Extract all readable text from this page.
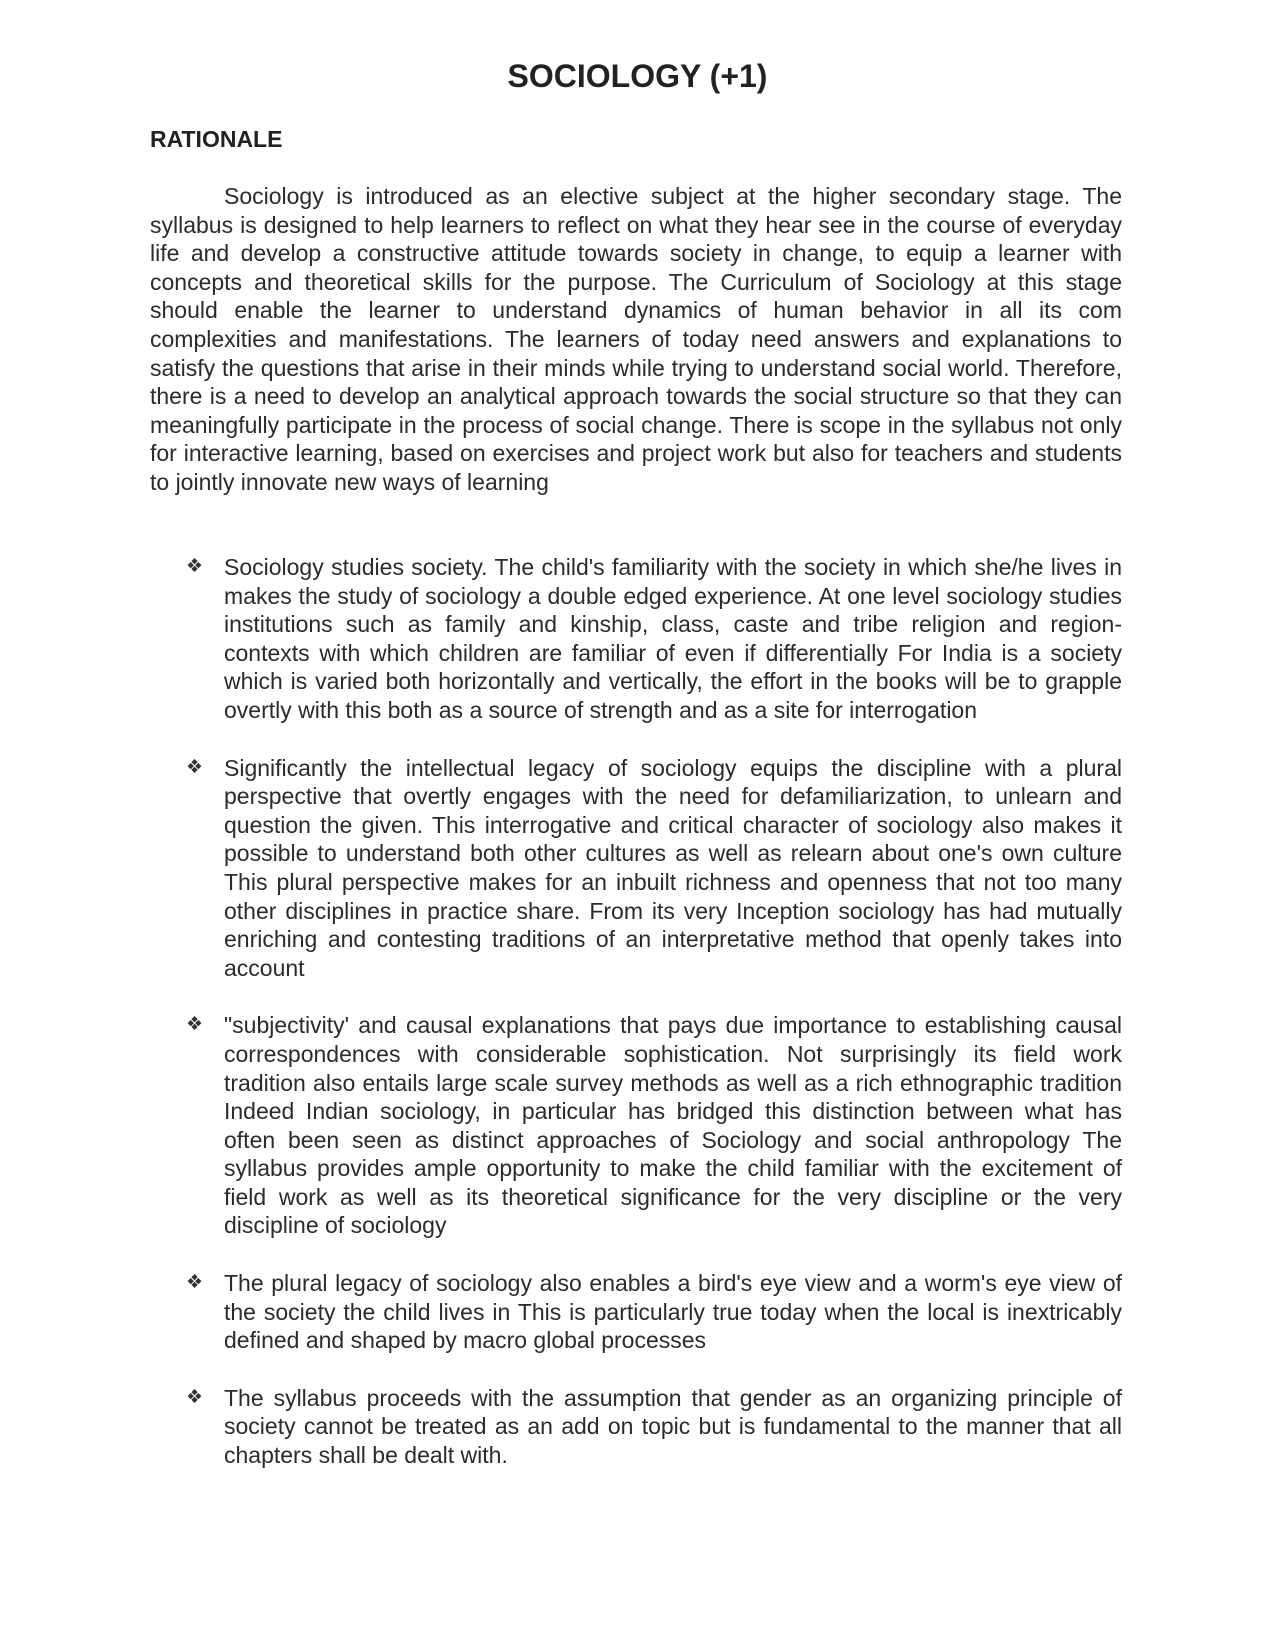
SOCIOLOGY (+1)
RATIONALE

Sociology is introduced as an elective subject at the higher secondary stage. The syllabus is designed to help learners to reflect on what they hear see in the course of everyday life and develop a constructive attitude towards society in change, to equip a learner with concepts and theoretical skills for the purpose. The Curriculum of Sociology at this stage should enable the learner to understand dynamics of human behavior in all its com complexities and manifestations. The learners of today need answers and explanations to satisfy the questions that arise in their minds while trying to understand social world. Therefore, there is a need to develop an analytical approach towards the social structure so that they can meaningfully participate in the process of social change. There is scope in the syllabus not only for interactive learning, based on exercises and project work but also for teachers and students to jointly innovate new ways of learning

❖ Sociology studies society. The child's familiarity with the society in which she/he lives in makes the study of sociology a double edged experience. At one level sociology studies institutions such as family and kinship, class, caste and tribe religion and region-contexts with which children are familiar of even if differentially For India is a society which is varied both horizontally and vertically, the effort in the books will be to grapple overtly with this both as a source of strength and as a site for interrogation
❖ Significantly the intellectual legacy of sociology equips the discipline with a plural perspective that overtly engages with the need for defamiliarization, to unlearn and question the given. This interrogative and critical character of sociology also makes it possible to understand both other cultures as well as relearn about one's own culture This plural perspective makes for an inbuilt richness and openness that not too many other disciplines in practice share. From its very Inception sociology has had mutually enriching and contesting traditions of an interpretative method that openly takes into account
❖ "subjectivity' and causal explanations that pays due importance to establishing causal correspondences with considerable sophistication. Not surprisingly its field work tradition also entails large scale survey methods as well as a rich ethnographic tradition Indeed Indian sociology, in particular has bridged this distinction between what has often been seen as distinct approaches of Sociology and social anthropology The syllabus provides ample opportunity to make the child familiar with the excitement of field work as well as its theoretical significance for the very discipline or the very discipline of sociology
❖ The plural legacy of sociology also enables a bird's eye view and a worm's eye view of the society the child lives in This is particularly true today when the local is inextricably defined and shaped by macro global processes
❖ The syllabus proceeds with the assumption that gender as an organizing principle of society cannot be treated as an add on topic but is fundamental to the manner that all chapters shall be dealt with.
